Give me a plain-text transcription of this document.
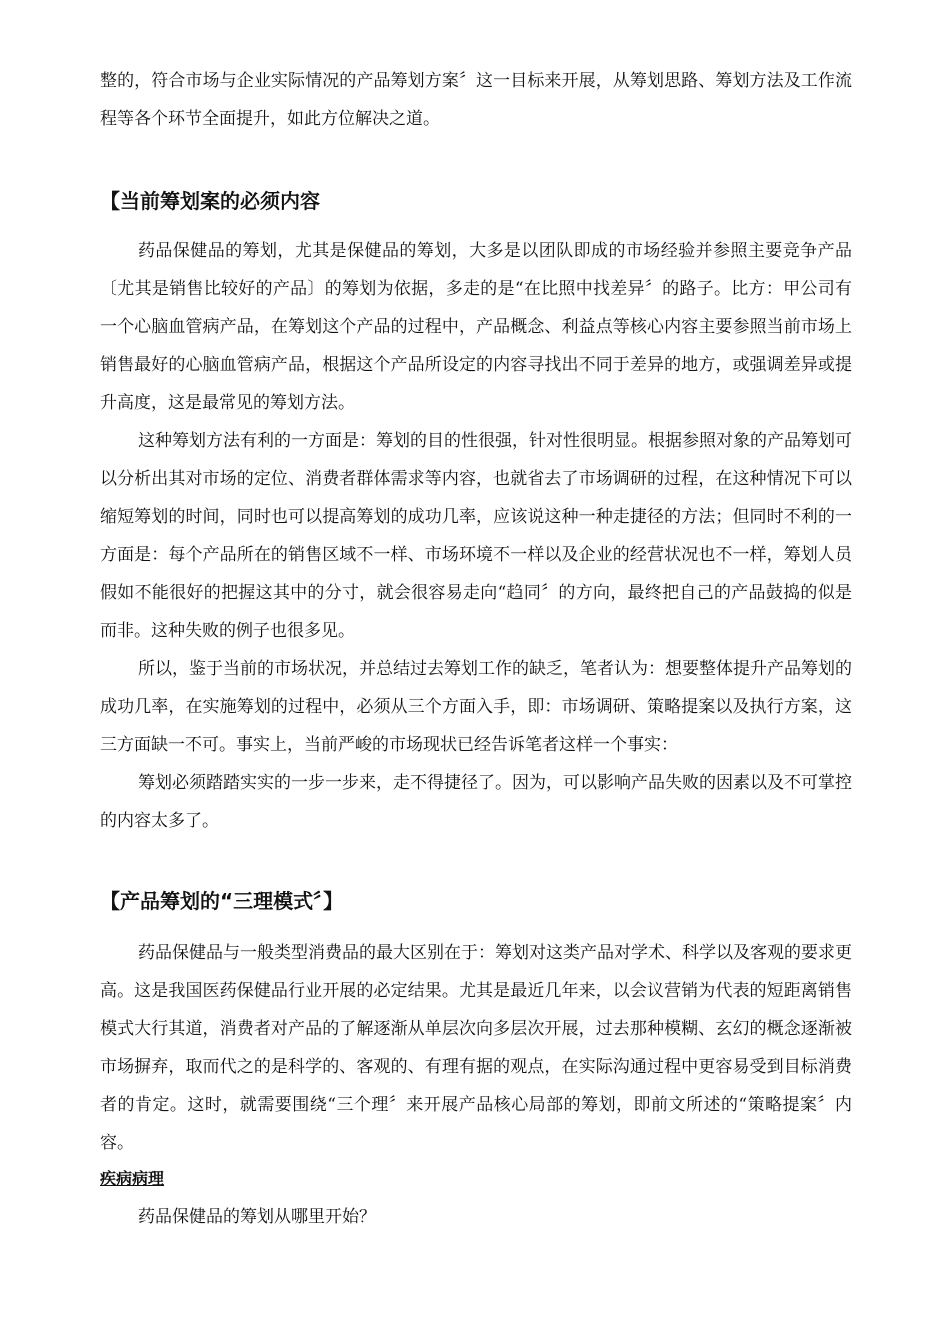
整的，符合市场与企业实际情况的产品筹划方案〞这一目标来开展，从筹划思路、筹划方法及工作流程等各个环节全面提升，如此方位解决之道。

【当前筹划案的必须内容

药品保健品的筹划，尤其是保健品的筹划，大多是以团队即成的市场经验并参照主要竞争产品〔尤其是销售比较好的产品〕的筹划为依据，多走的是“在比照中找差异〞的路子。比方：甲公司有一个心脑血管病产品，在筹划这个产品的过程中，产品概念、利益点等核心内容主要参照当前市场上销售最好的心脑血管病产品，根据这个产品所设定的内容寻找出不同于差异的地方，或强调差异或提升高度，这是最常见的筹划方法。

这种筹划方法有利的一方面是：筹划的目的性很强，针对性很明显。根据参照对象的产品筹划可以分析出其对市场的定位、消费者群体需求等内容，也就省去了市场调研的过程，在这种情况下可以缩短筹划的时间，同时也可以提高筹划的成功几率，应该说这种一种走捷径的方法；但同时不利的一方面是：每个产品所在的销售区域不一样、市场环境不一样以及企业的经营状况也不一样，筹划人员假如不能很好的把握这其中的分寸，就会很容易走向“趋同〞的方向，最终把自己的产品鼓捣的似是而非。这种失败的例子也很多见。

所以，鉴于当前的市场状况，并总结过去筹划工作的缺乏，笔者认为：想要整体提升产品筹划的成功几率，在实施筹划的过程中，必须从三个方面入手，即：市场调研、策略提案以及执行方案，这三方面缺一不可。事实上，当前严峻的市场现状已经告诉笔者这样一个事实：

筹划必须踏踏实实的一步一步来，走不得捷径了。因为，可以影响产品失败的因素以及不可掌控的内容太多了。

【产品筹划的“三理模式〞】

药品保健品与一般类型消费品的最大区别在于：筹划对这类产品对学术、科学以及客观的要求更高。这是我国医药保健品行业开展的必定结果。尤其是最近几年来，以会议营销为代表的短距离销售模式大行其道，消费者对产品的了解逐渐从单层次向多层次开展，过去那种模糊、玄幻的概念逐渐被市场摒弃，取而代之的是科学的、客观的、有理有据的观点，在实际沟通过程中更容易受到目标消费者的肯定。这时，就需要围绕“三个理〞来开展产品核心局部的筹划，即前文所述的“策略提案〞内容。

疾病病理

药品保健品的筹划从哪里开始？
